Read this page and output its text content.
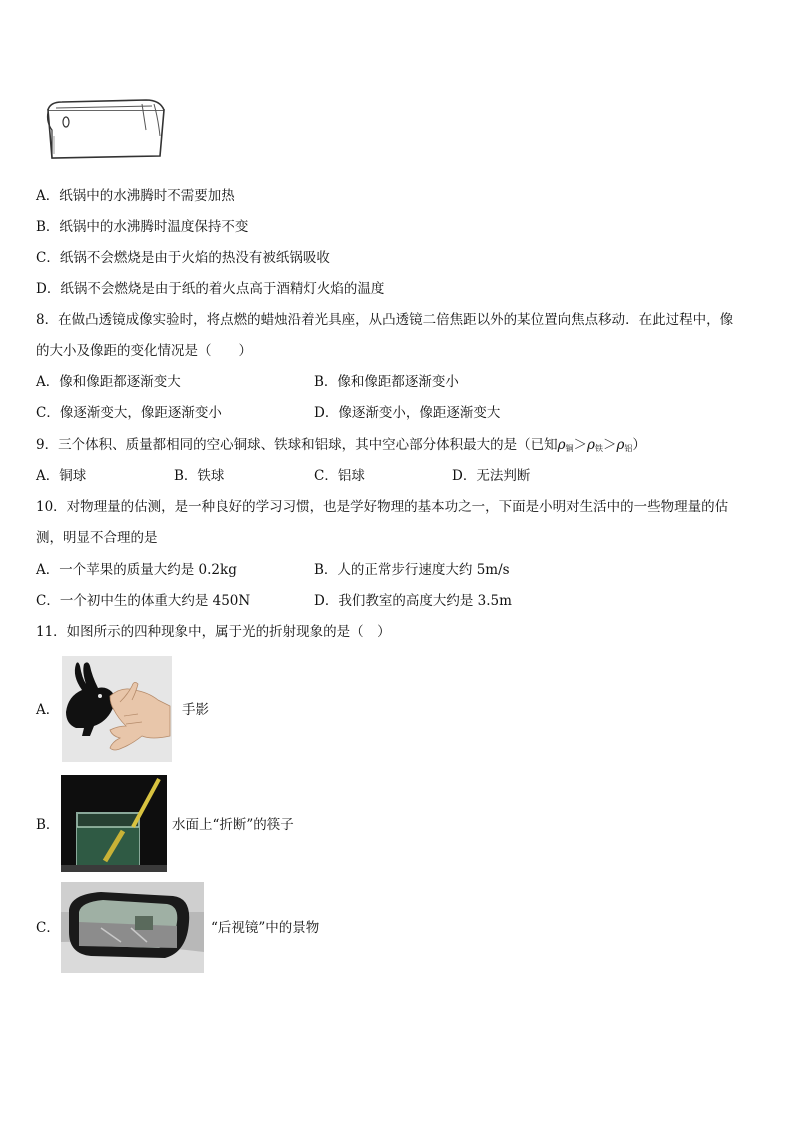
A．纸锅中的水沸腾时不需要加热
B．纸锅中的水沸腾时温度保持不变
C．纸锅不会燃烧是由于火焰的热没有被纸锅吸收
D．纸锅不会燃烧是由于纸的着火点高于酒精灯火焰的温度
8．在做凸透镜成像实验时，将点燃的蜡烛沿着光具座，从凸透镜二倍焦距以外的某位置向焦点移动．在此过程中，像
的大小及像距的变化情况是（　　）
A．像和像距都逐渐变大	B．像和像距都逐渐变小
C．像逐渐变大，像距逐渐变小	D．像逐渐变小，像距逐渐变大
9．三个体积、质量都相同的空心铜球、铁球和铝球，其中空心部分体积最大的是（已知$\rho_铜>\rho_铁>\rho_铝$）
A．铜球	B．铁球	C．铝球	D．无法判断
10．对物理量的估测，是一种良好的学习习惯，也是学好物理的基本功之一，下面是小明对生活中的一些物理量的估
测，明显不合理的是
A．一个苹果的质量大约是 0.2kg	B．人的正常步行速度大约 5m/s
C．一个初中生的体重大约是 450N	D．我们教室的高度大约是 3.5m
11．如图所示的四种现象中，属于光的折射现象的是（　）
A．	手影
B．	水面上“折断”的筷子
C．	“后视镜”中的景物
